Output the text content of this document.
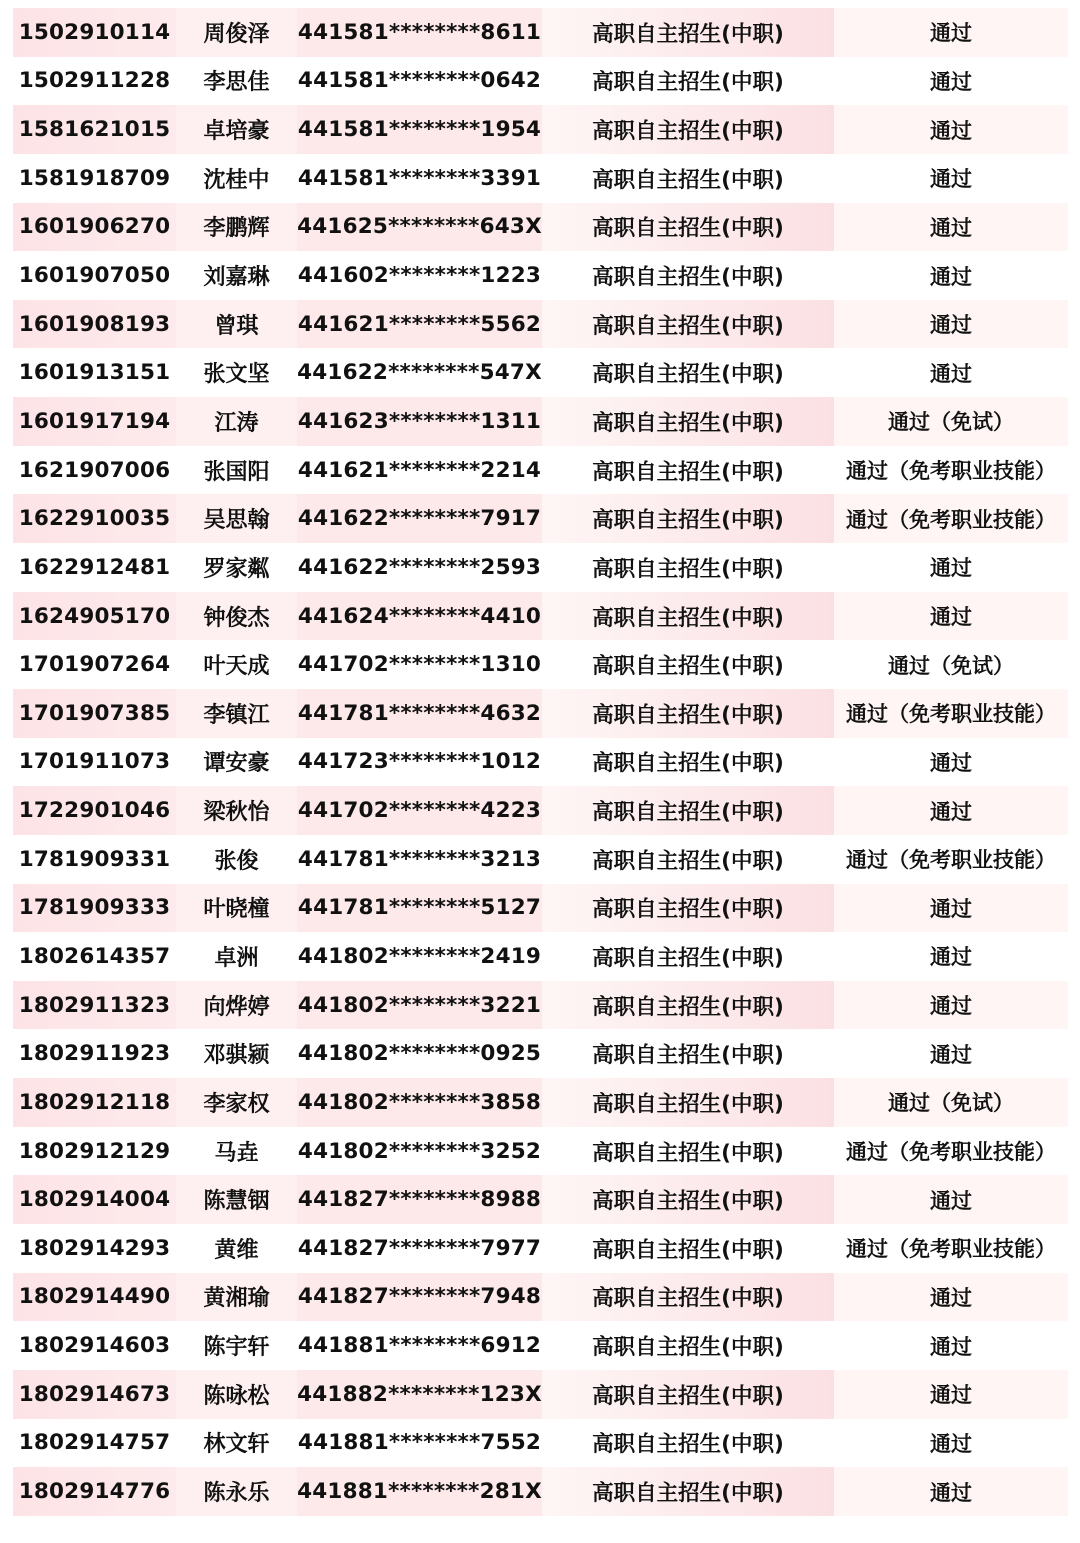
1502910114	周俊泽	441581********8611	高职自主招生(中职)	通过
1502911228	李思佳	441581********0642	高职自主招生(中职)	通过
1581621015	卓培豪	441581********1954	高职自主招生(中职)	通过
1581918709	沈桂中	441581********3391	高职自主招生(中职)	通过
1601906270	李鹏辉	441625********643X	高职自主招生(中职)	通过
1601907050	刘嘉琳	441602********1223	高职自主招生(中职)	通过
1601908193	曾琪	441621********5562	高职自主招生(中职)	通过
1601913151	张文坚	441622********547X	高职自主招生(中职)	通过
1601917194	江涛	441623********1311	高职自主招生(中职)	通过（免试）
1621907006	张国阳	441621********2214	高职自主招生(中职)	通过（免考职业技能）
1622910035	吴思翰	441622********7917	高职自主招生(中职)	通过（免考职业技能）
1622912481	罗家粼	441622********2593	高职自主招生(中职)	通过
1624905170	钟俊杰	441624********4410	高职自主招生(中职)	通过
1701907264	叶天成	441702********1310	高职自主招生(中职)	通过（免试）
1701907385	李镇江	441781********4632	高职自主招生(中职)	通过（免考职业技能）
1701911073	谭安豪	441723********1012	高职自主招生(中职)	通过
1722901046	梁秋怡	441702********4223	高职自主招生(中职)	通过
1781909331	张俊	441781********3213	高职自主招生(中职)	通过（免考职业技能）
1781909333	叶晓橦	441781********5127	高职自主招生(中职)	通过
1802614357	卓洲	441802********2419	高职自主招生(中职)	通过
1802911323	向烨婷	441802********3221	高职自主招生(中职)	通过
1802911923	邓骐颍	441802********0925	高职自主招生(中职)	通过
1802912118	李家权	441802********3858	高职自主招生(中职)	通过（免试）
1802912129	马垚	441802********3252	高职自主招生(中职)	通过（免考职业技能）
1802914004	陈慧铟	441827********8988	高职自主招生(中职)	通过
1802914293	黄维	441827********7977	高职自主招生(中职)	通过（免考职业技能）
1802914490	黄湘瑜	441827********7948	高职自主招生(中职)	通过
1802914603	陈宇轩	441881********6912	高职自主招生(中职)	通过
1802914673	陈咏松	441882********123X	高职自主招生(中职)	通过
1802914757	林文轩	441881********7552	高职自主招生(中职)	通过
1802914776	陈永乐	441881********281X	高职自主招生(中职)	通过
